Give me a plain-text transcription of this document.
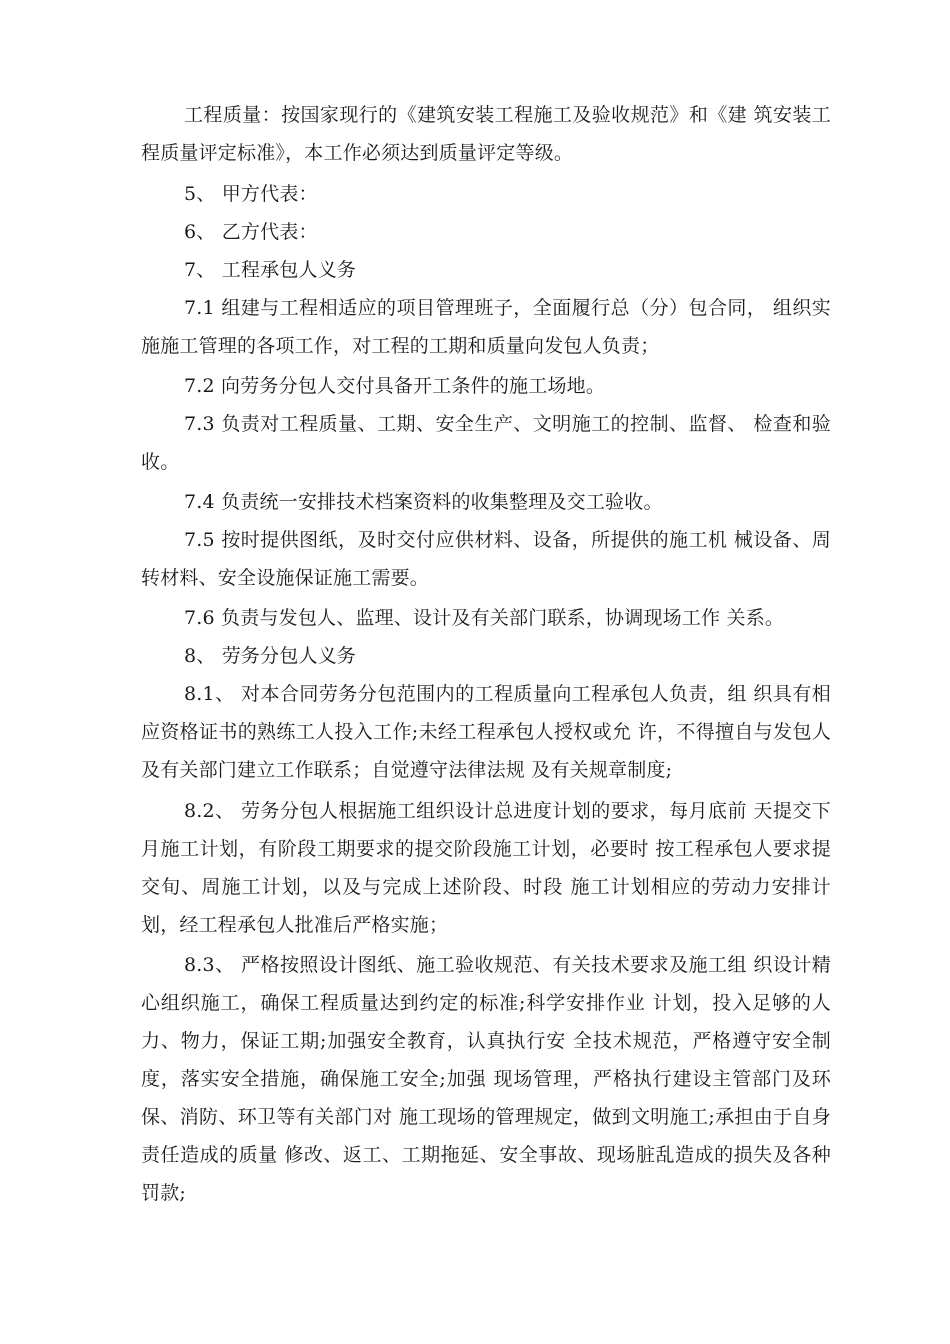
工程质量：按国家现行的《建筑安装工程施工及验收规范》和《建 筑安装工程质量评定标准》，本工作必须达到质量评定等级。

5、 甲方代表：

6、 乙方代表：

7、 工程承包人义务

7.1 组建与工程相适应的项目管理班子，全面履行总（分）包合同， 组织实施施工管理的各项工作，对工程的工期和质量向发包人负责；

7.2 向劳务分包人交付具备开工条件的施工场地。

7.3 负责对工程质量、工期、安全生产、文明施工的控制、监督、 检查和验收。

7.4 负责统一安排技术档案资料的收集整理及交工验收。

7.5 按时提供图纸，及时交付应供材料、设备，所提供的施工机 械设备、周转材料、安全设施保证施工需要。

7.6 负责与发包人、监理、设计及有关部门联系，协调现场工作 关系。

8、 劳务分包人义务

8.1、 对本合同劳务分包范围内的工程质量向工程承包人负责，组 织具有相应资格证书的熟练工人投入工作;未经工程承包人授权或允 许，不得擅自与发包人及有关部门建立工作联系；自觉遵守法律法规 及有关规章制度;

8.2、 劳务分包人根据施工组织设计总进度计划的要求，每月底前 天提交下月施工计划，有阶段工期要求的提交阶段施工计划，必要时 按工程承包人要求提交旬、周施工计划，以及与完成上述阶段、时段 施工计划相应的劳动力安排计划，经工程承包人批准后严格实施；

8.3、 严格按照设计图纸、施工验收规范、有关技术要求及施工组 织设计精心组织施工，确保工程质量达到约定的标准;科学安排作业 计划，投入足够的人力、物力，保证工期;加强安全教育，认真执行安 全技术规范，严格遵守安全制度，落实安全措施，确保施工安全;加强 现场管理，严格执行建设主管部门及环保、消防、环卫等有关部门对 施工现场的管理规定，做到文明施工;承担由于自身责任造成的质量 修改、返工、工期拖延、安全事故、现场脏乱造成的损失及各种罚款;
